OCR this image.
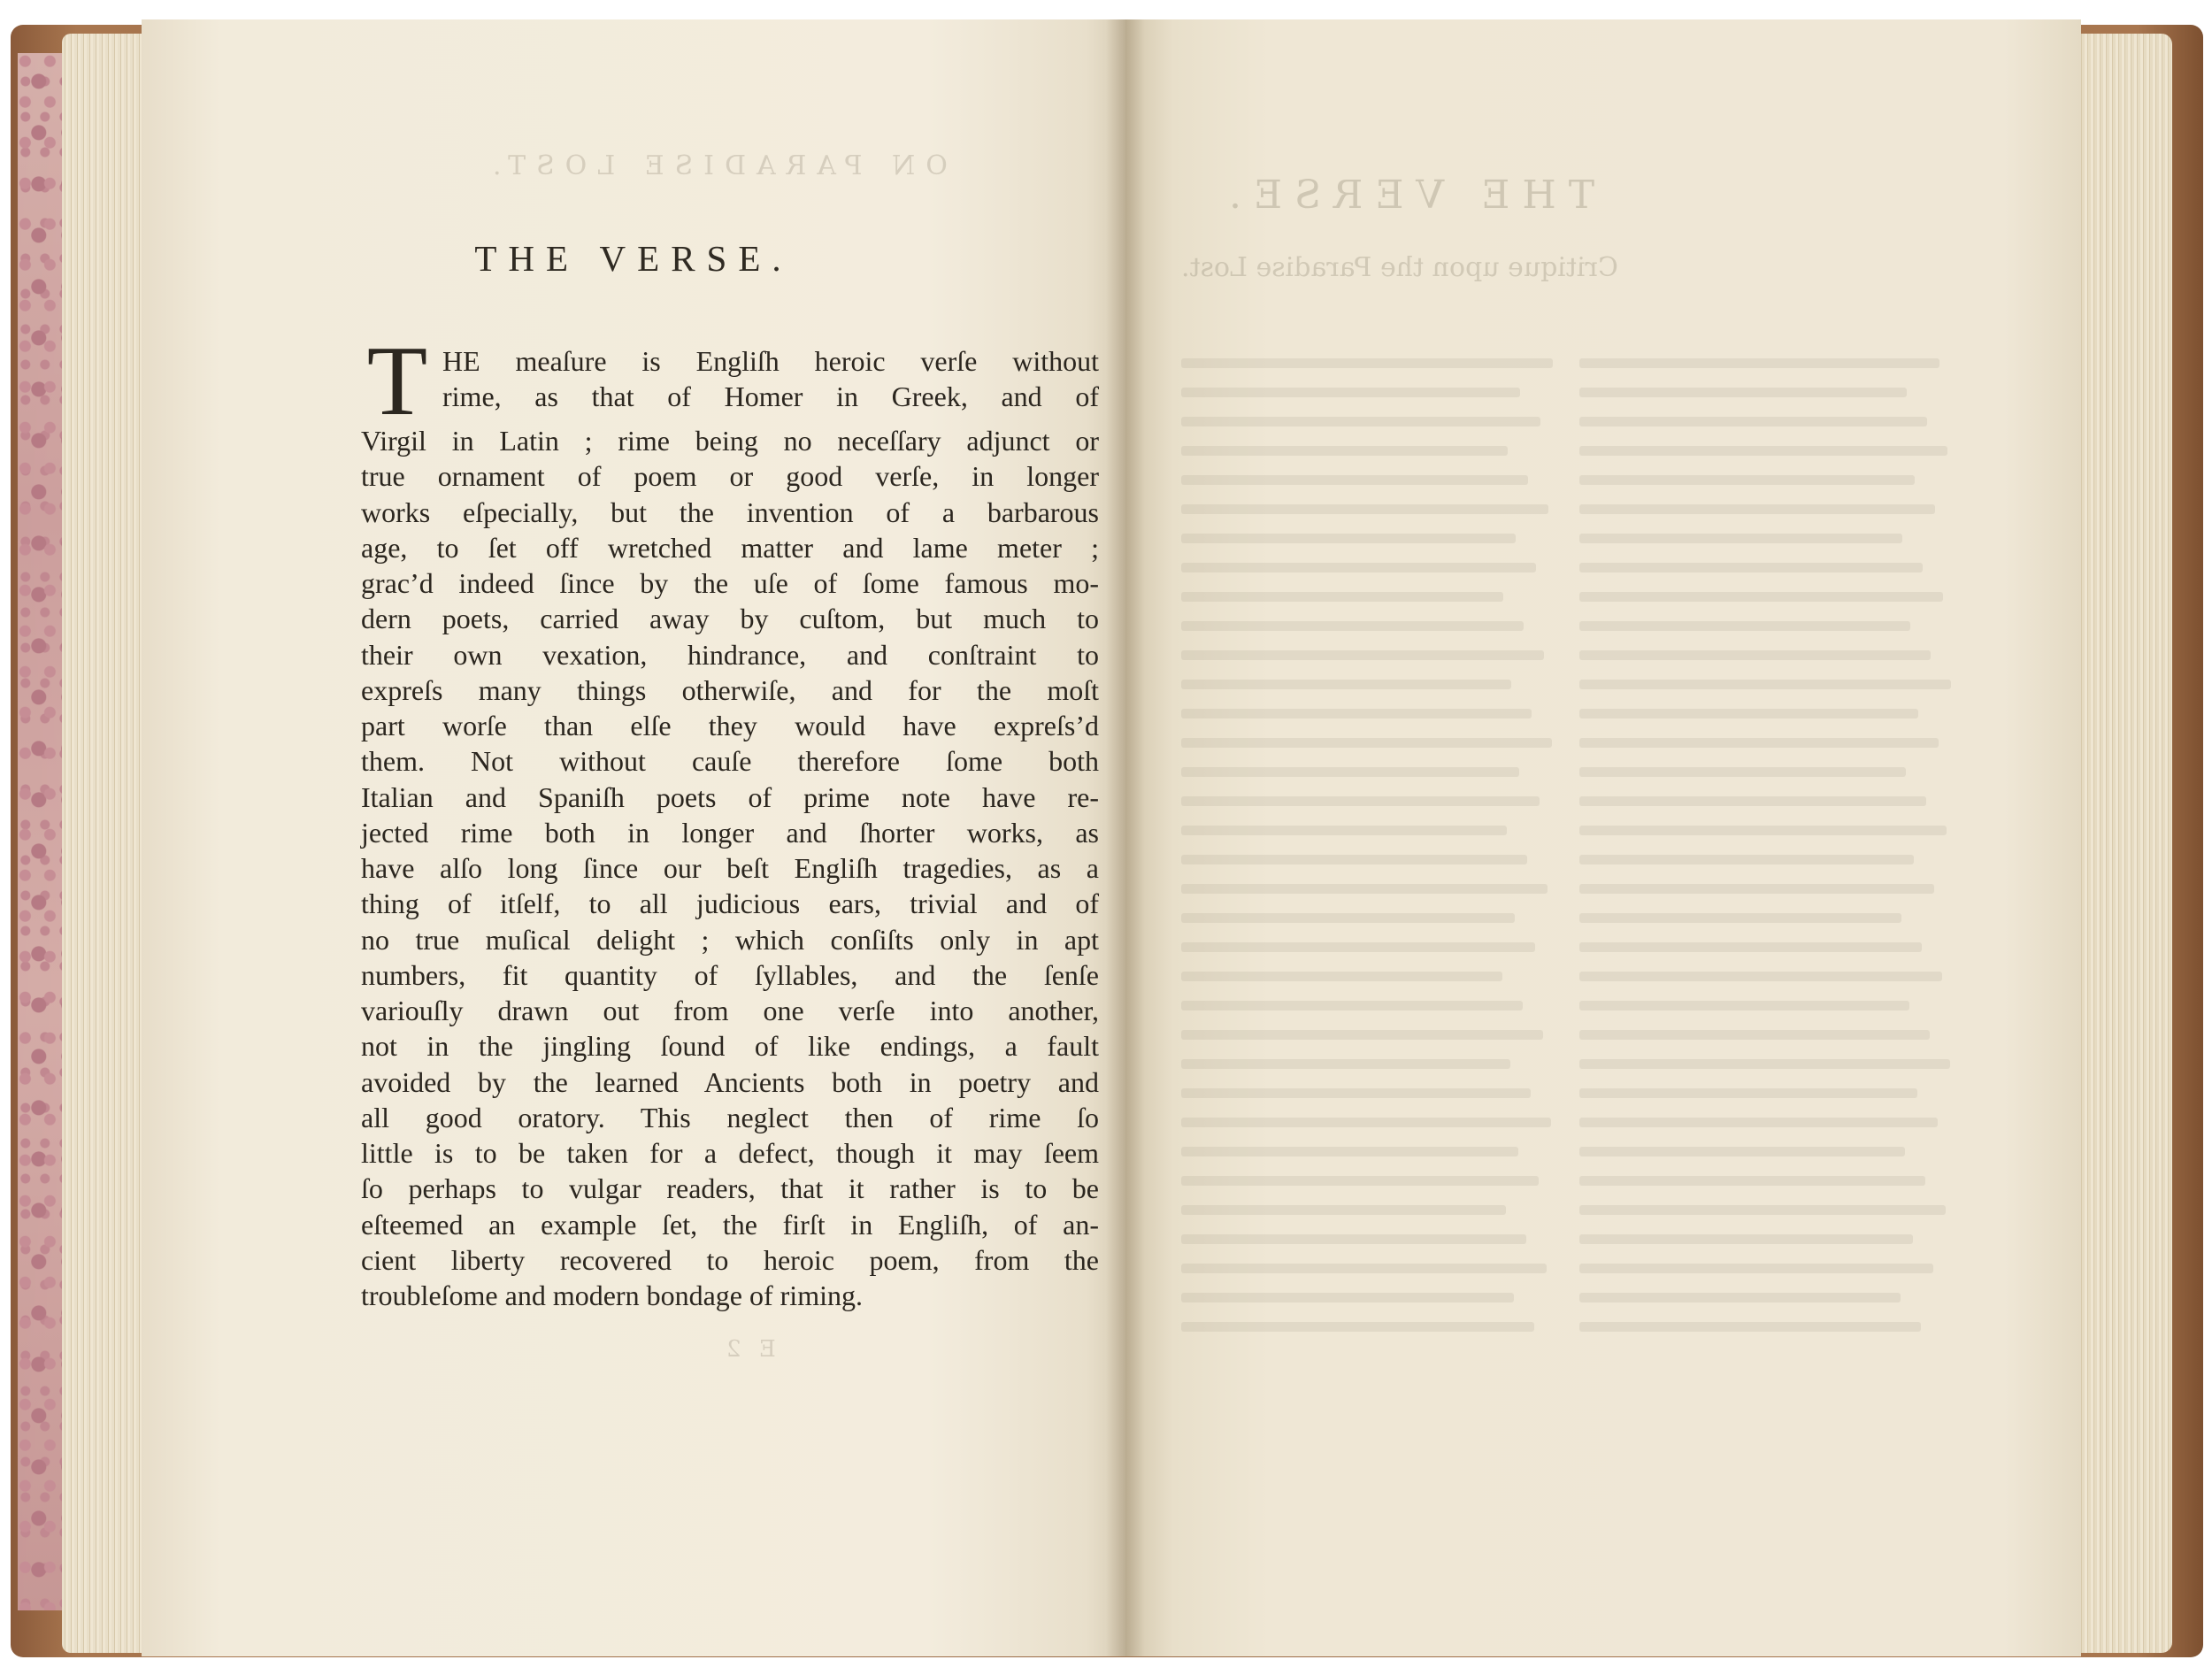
ON PARADISE LOST.
E 2
THE VERSE.
Critique upon the Paradise Lost.
THE VERSE.
T HE meaſure is Engliſh heroic verſe without
rime, as that of Homer in Greek, and of
Virgil in Latin ; rime being no neceſſary adjunct or
true ornament of poem or good verſe, in longer
works eſpecially, but the invention of a barbarous
age, to ſet off wretched matter and lame meter ;
grac’d indeed ſince by the uſe of ſome famous mo-
dern poets, carried away by cuſtom, but much to
their own vexation, hindrance, and conſtraint to
expreſs many things otherwiſe, and for the moſt
part worſe than elſe they would have expreſs’d
them. Not without cauſe therefore ſome both
Italian and Spaniſh poets of prime note have re-
jected rime both in longer and ſhorter works, as
have alſo long ſince our beſt Engliſh tragedies, as a
thing of itſelf, to all judicious ears, trivial and of
no true muſical delight ; which conſiſts only in apt
numbers, fit quantity of ſyllables, and the ſenſe
variouſly drawn out from one verſe into another,
not in the jingling ſound of like endings, a fault
avoided by the learned Ancients both in poetry and
all good oratory. This neglect then of rime ſo
little is to be taken for a defect, though it may ſeem
ſo perhaps to vulgar readers, that it rather is to be
eſteemed an example ſet, the firſt in Engliſh, of an-
cient liberty recovered to heroic poem, from the
troubleſome and modern bondage of riming.
